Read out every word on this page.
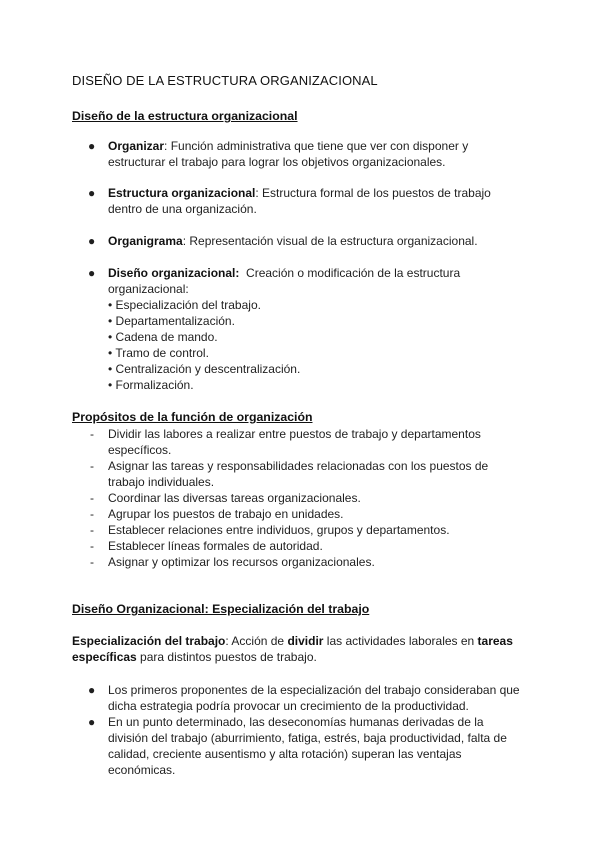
DISEÑO DE LA ESTRUCTURA ORGANIZACIONAL
Diseño de la estructura organizacional
● Organizar: Función administrativa que tiene que ver con disponer y
estructurar el trabajo para lograr los objetivos organizacionales.
● Estructura organizacional: Estructura formal de los puestos de trabajo
dentro de una organización.
● Organigrama: Representación visual de la estructura organizacional.
● Diseño organizacional: Creación o modificación de la estructura
organizacional:
• Especialización del trabajo.
• Departamentalización.
• Cadena de mando.
• Tramo de control.
• Centralización y descentralización.
• Formalización.
Propósitos de la función de organización
- Dividir las labores a realizar entre puestos de trabajo y departamentos
específicos.
- Asignar las tareas y responsabilidades relacionadas con los puestos de
trabajo individuales.
- Coordinar las diversas tareas organizacionales.
- Agrupar los puestos de trabajo en unidades.
- Establecer relaciones entre individuos, grupos y departamentos.
- Establecer líneas formales de autoridad.
- Asignar y optimizar los recursos organizacionales.
Diseño Organizacional: Especialización del trabajo
Especialización del trabajo: Acción de dividir las actividades laborales en tareas
específicas para distintos puestos de trabajo.
● Los primeros proponentes de la especialización del trabajo consideraban que
dicha estrategia podría provocar un crecimiento de la productividad.
● En un punto determinado, las deseconomías humanas derivadas de la
división del trabajo (aburrimiento, fatiga, estrés, baja productividad, falta de
calidad, creciente ausentismo y alta rotación) superan las ventajas
económicas.
